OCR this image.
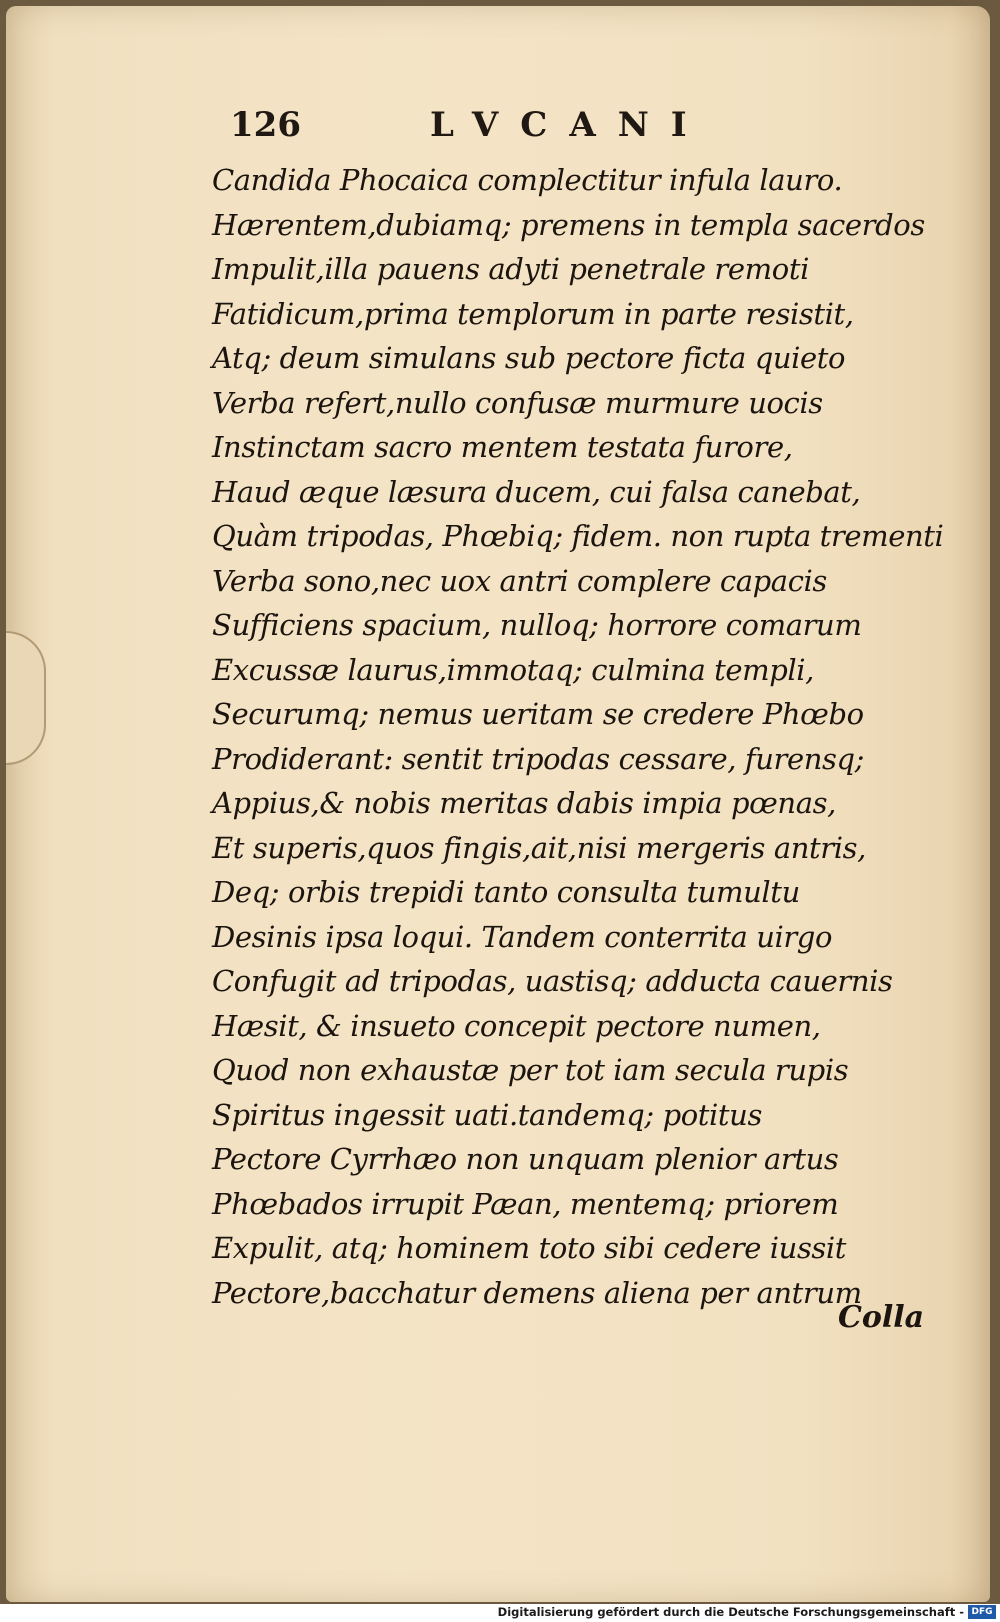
126	LVCANI
Candida Phocaica complectitur infula lauro.
Hærentem,dubiamq; premens in templa sacerdos
Impulit,illa pauens adyti penetrale remoti
Fatidicum,prima templorum in parte resistit,
Atq; deum simulans sub pectore ficta quieto
Verba refert,nullo confusæ murmure uocis
Instinctam sacro mentem testata furore,
Haud æque læsura ducem, cui falsa canebat,
Quàm tripodas, Phœbiq; fidem. non rupta trementi
Verba sono,nec uox antri complere capacis
Sufficiens spacium, nulloq; horrore comarum
Excussæ laurus,immotaq; culmina templi,
Securumq; nemus ueritam se credere Phœbo
Prodiderant: sentit tripodas cessare, furensq;
Appius,& nobis meritas dabis impia pœnas,
Et superis,quos fingis,ait,nisi mergeris antris,
Deq; orbis trepidi tanto consulta tumultu
Desinis ipsa loqui. Tandem conterrita uirgo
Confugit ad tripodas, uastisq; adducta cauernis
Hæsit, & insueto concepit pectore numen,
Quod non exhaustæ per tot iam secula rupis
Spiritus ingessit uati.tandemq; potitus
Pectore Cyrrhæo non unquam plenior artus
Phœbados irrupit Pæan, mentemq; priorem
Expulit, atq; hominem toto sibi cedere iussit
Pectore,bacchatur demens aliena per antrum
Colla
Digitalisierung gefördert durch die Deutsche Forschungsgemeinschaft - DFG
